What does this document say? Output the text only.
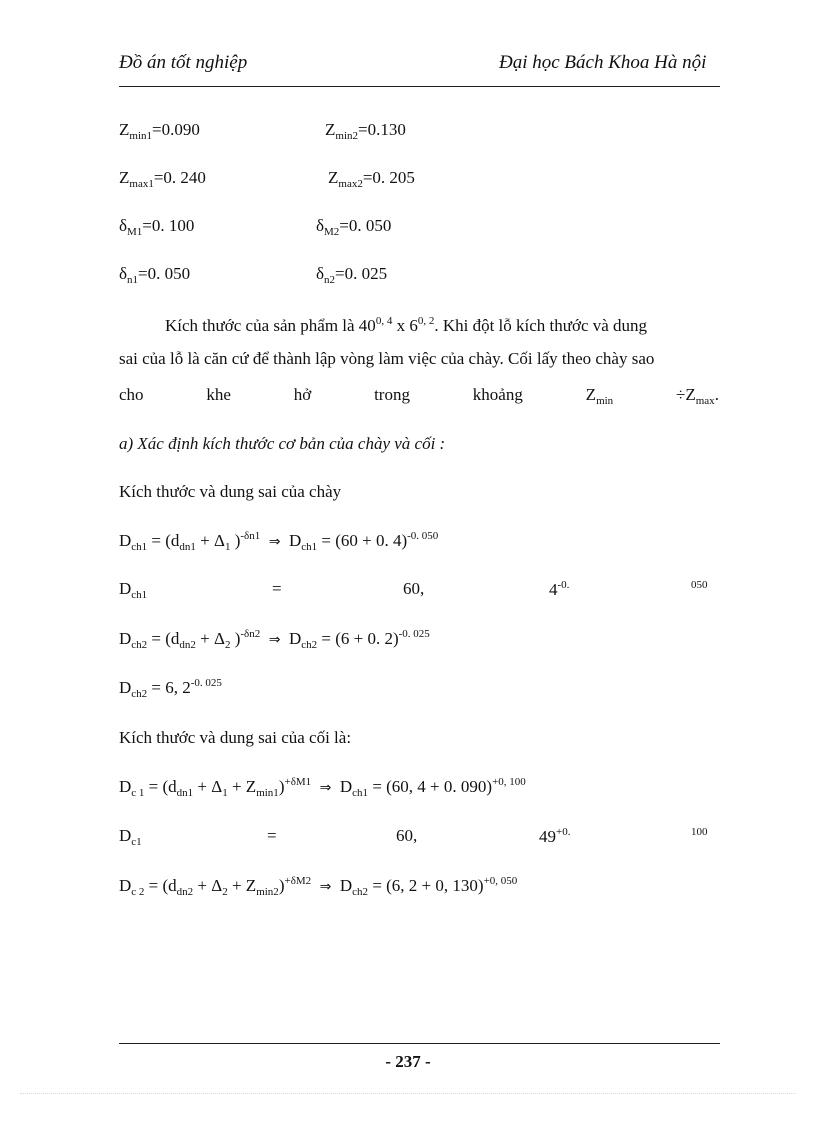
Đồ án tốt nghiệp	Đại học Bách Khoa Hà nội
$Z_{min1}=0.090$	$Z_{min2}=0.130$
$Z_{max1}=0$. 240	$Z_{max2}=0$. 205
$\delta_{M1}=0$. 100	$\delta_{M2}=0$. 050
$\delta_{n1}=0$. 050	$\delta_{n2}=0$. 025
Kích thước của sản phẩm là 40$^{0, 4}$ x 6$^{0, 2}$. Khi đột lỗ kích thước và dung
sai của lỗ là căn cứ để thành lập vòng làm việc của chày. Cối lấy theo chày sao
cho	khe	hở	trong	khoảng	$Z_{min}$	$\div Z_{max}$.
a) Xác định kích thước cơ bản của chày và cối :
Kích thước và dung sai của chày
$D_{ch1} = (d_{dn1} + \Delta_1$ )$^{-\delta n1}$ ⇒  $D_{ch1} = (60 + 0$. 4)$^{-0. 050}$
$D_{ch1}$	=	60,	$4^{-0.}$	050
$D_{ch2} = (d_{dn2} + \Delta_2$ )$^{-\delta n2}$ ⇒  $D_{ch2} = (6 + 0$. 2)$^{-0. 025}$
$D_{ch2} = 6$, $2^{-0. 025}$
Kích thước và dung sai của cối là:
$D_{c 1} = (d_{dn1} + \Delta_1 + Z_{min1})^{+\delta M1}$ ⇒  $D_{ch1} = (60$, 4 + 0. 090)$^{+0, 100}$
$D_{c1}$	=	60,	$49^{+0.}$	100
$D_{c 2} = (d_{dn2} + \Delta_2 + Z_{min2})^{+\delta M2}$ ⇒  $D_{ch2} = (6$, 2 + 0, 130)$^{+0, 050}$
- 237 -
